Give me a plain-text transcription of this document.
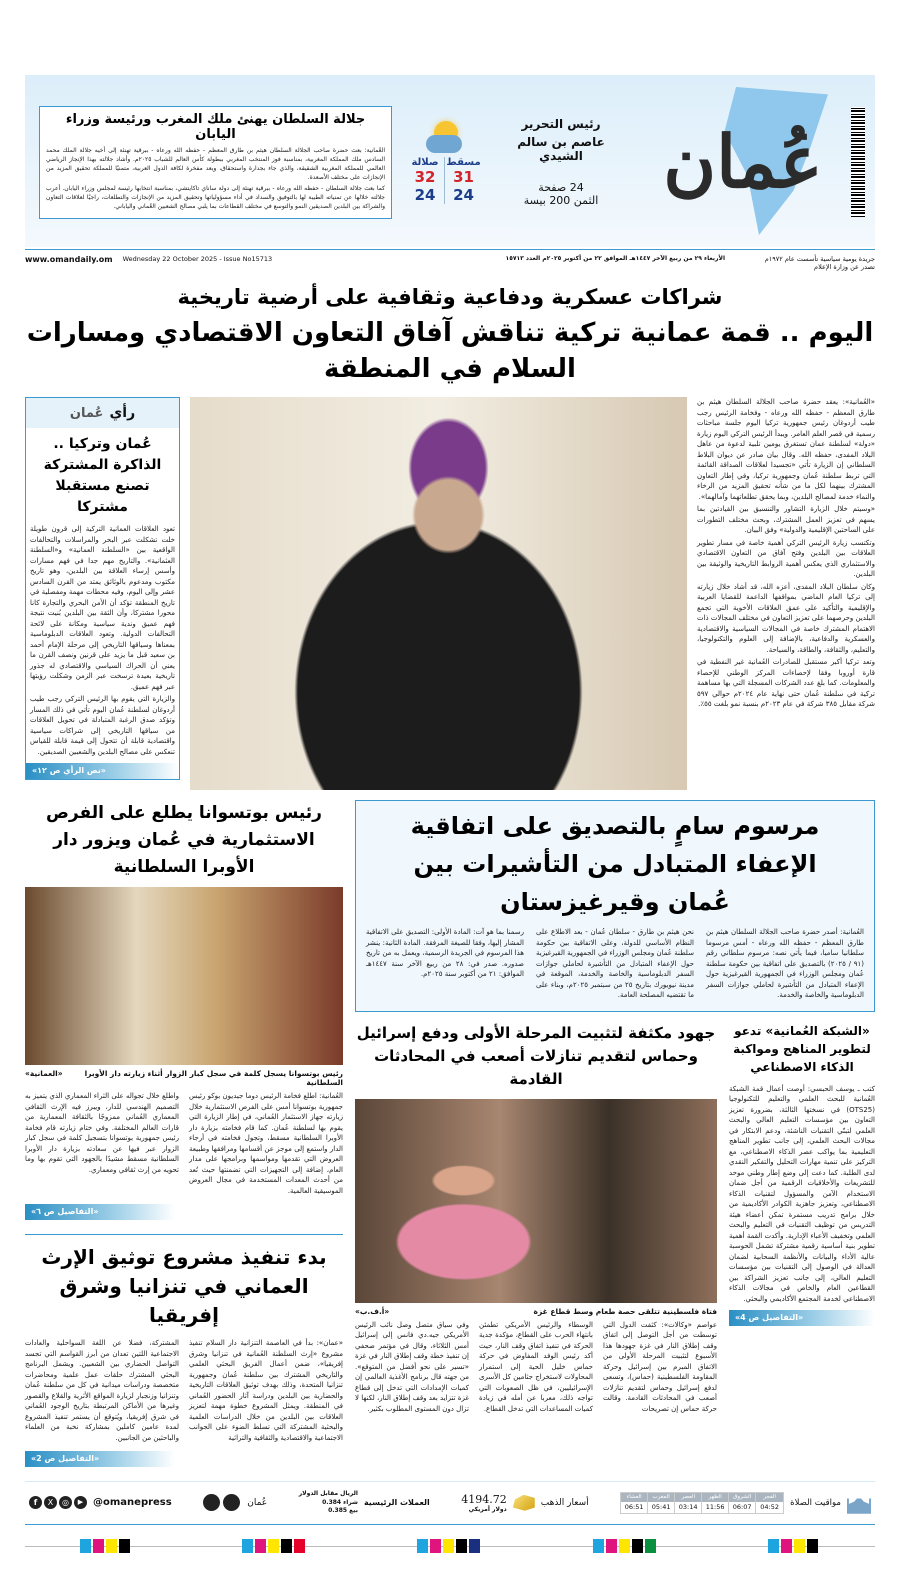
عُمان
رئيس التحرير
عاصم بن سالم الشيدي
24 صفحة
الثمن 200 بيسة
مسقط
31
24
صلالة
32
24
جلالة السلطان يهنئ ملك المغرب ورئيسة وزراء اليابان
العُمانية: بعث حضرة صاحب الجلالة السلطان هيثم بن طارق المعظم - حفظه الله ورعاه - ببرقية تهنئة إلى أخيه جلالة الملك محمد السادس ملك المملكة المغربية، بمناسبة فوز المنتخب المغربي ببطولة كأس العالم للشباب ٢٠٢٥م. وأشاد جلالته بهذا الإنجاز الرياضي العالمي للمملكة المغربية الشقيقة، والذي جاء بجدارة واستحقاق، ويعد مفخرة لكافة الدول العربية، متمنيًا للمملكة تحقيق المزيد من الإنجازات على مختلف الأصعدة.
كما بعث جلالة السلطان - حفظه الله ورعاه - ببرقية تهنئة إلى دولة ساناي تاكايتشي، بمناسبة انتخابها رئيسة لمجلس وزراء اليابان. أعرب جلالته خلالها عن تمنياته الطيبة لها بالتوفيق والسداد في أداء مسؤولياتها وتحقيق المزيد من الإنجازات والتطلعات، راجيًا لعلاقات التعاون والشراكة بين البلدين الصديقين النمو والتوسع في مختلف القطاعات بما يلبي مصالح الشعبين العُماني والياباني.
www.omandaily.om Wednesday 22 October 2025 - Issue No15713	الأربعاء ٢٩ من ربيع الآخر ١٤٤٧هـ الموافق ٢٢ من أكتوبر ٢٠٢٥م العدد ١٥٧١٣	جريدة يومية سياسية تأسست عام ١٩٧٢م
تصدر عن وزارة الإعلام
شراكات عسكرية ودفاعية وثقافية على أرضية تاريخية
اليوم .. قمة عمانية تركية تناقش آفاق التعاون الاقتصادي ومسارات السلام في المنطقة

«العُمانية»: يعقد حضرة صاحب الجلالة السلطان هيثم بن طارق المعظم - حفظه الله ورعاه - وفخامة الرئيس رجب طيب أردوغان رئيس جمهورية تركيا اليوم جلسة مباحثات رسمية في قصر العلم العامر. ويبدأ الرئيس التركي اليوم زيارة «دولة» لسلطنة عمان تستغرق يومين تلبية لدعوة من عاهل البلاد المفدى، حفظه الله. وقال بيان صادر عن ديوان البلاط السلطاني إن الزيارة تأتي «تجسيدا لعلاقات الصداقة القائمة التي تربط سلطنة عُمان وجمهورية تركيا، وفي إطار التعاون المشترك بينهما لكل ما من شأنه تحقيق المزيد من الرخاء والنماء خدمة لمصالح البلدين، وبما يحقق تطلعاتهما وآمالهما».

«وسيتم خلال الزيارة التشاور والتنسيق بين القيادتين بما يسهم في تعزيز العمل المشترك، وبحث مختلف التطورات على الساحتين الإقليمية والدولية» وفق البيان.

وتكتسب زيارة الرئيس التركي أهمية خاصة في مسار تطوير العلاقات بين البلدين وفتح آفاق من التعاون الاقتصادي والاستثماري الذي يعكس أهمية الروابط التاريخية والوثيقة بين البلدين.

وكان سلطان البلاد المفدى، أعزه الله، قد أشاد خلال زيارته إلى تركيا العام الماضي بمواقفها الداعمة للقضايا العربية والإقليمية والتأكيد على عمق العلاقات الأخوية التي تجمع البلدين وحرصهما على تعزيز التعاون في مختلف المجالات ذات الاهتمام المشترك خاصة في المجالات السياسية والاقتصادية والعسكرية والدفاعية، بالإضافة إلى العلوم والتكنولوجيا، والتعليم، والثقافة، والطاقة، والسياحة.

وتعد تركيا أكبر مستقبل للصادرات العُمانية غير النفطية في قارة أوروبا وفقا لإحصاءات المركز الوطني للإحصاء والمعلومات. كما بلغ عدد الشركات المسجلة التي بها مساهمة تركية في سلطنة عُمان حتى نهاية عام ٢٠٢٤م حوالي ٥٩٧ شركة مقابل ٣٨٥ شركة في عام ٢٠٢٣م بنسبة نمو بلغت ٥٥٪.

رأي
عُمان
عُمان وتركيا .. الذاكرة المشتركة تصنع مستقبلا مشتركا

تعود العلاقات العمانية التركية إلى قرون طويلة خلت تشكلت عبر البحر والمراسلات والتحالفات الواقعية بين «السلطنة العمانية» و«السلطنة العثمانية». والتاريخ مهم جدا في فهم مسارات وأسس إرساء العلاقة بين البلدين، وهو تاريخ مكتوب ومدعوم بالوثائق يمتد من القرن السادس عشر وإلى اليوم، وفيه محطات مهمة ومفصلية في تاريخ المنطقة تؤكد أن الأمن البحري والتجارة كانا محورا مشتركا، وأن الثقة بين البلدين بُنيت نتيجة فهم عميق وندية سياسية ومكانة على لائحة التحالفات الدولية. وتعود العلاقات الدبلوماسية بمعناها وسياقها التاريخي إلى مرحلة الإمام أحمد بن سعيد قبل ما يزيد على قرنين ونصف القرن ما يعني أن الحراك السياسي والاقتصادي له جذور تاريخية بعيدة ترسخت عبر الزمن وشكلت رؤيتها عبر فهم عميق.

والزيارة التي يقوم بها الرئيس التركي رجب طيب أردوغان لسلطنة عُمان اليوم تأتي في ذلك المسار وتؤكد صدق الرغبة المتبادلة في تحويل العلاقات من سياقها التاريخي إلى شراكات سياسية واقتصادية قابلة أن تتحول إلى قيمة قابلة للقياس تنعكس على مصالح البلدين والشعبين الصديقين.

«نص الرأي ص ١٢»
مرسوم سامٍ بالتصديق على اتفاقية الإعفاء المتبادل من التأشيرات بين عُمان وقيرغيزستان
العُمانية: أصدر حضرة صاحب الجلالة السلطان هيثم بن طارق المعظم - حفظه الله ورعاه - أمس مرسوما سلطانيا ساميا، فيما يأتي نصه: مرسوم سلطاني رقم (٩١ / ٢٠٢٥) بالتصديق على اتفاقية بين حكومة سلطنة عُمان ومجلس الوزراء في الجمهورية القيرغيزية حول الإعفاء المتبادل من التأشيرة لحاملي جوازات السفر الدبلوماسية والخاصة والخدمة.
نحن هيثم بن طارق - سلطان عُمان - بعد الاطلاع على النظام الأساسي للدولة، وعلى الاتفاقية بين حكومة سلطنة عُمان ومجلس الوزراء في الجمهورية القيرغيزية حول الإعفاء المتبادل من التأشيرة لحاملي جوازات السفر الدبلوماسية والخاصة والخدمة، الموقعة في مدينة نيويورك بتاريخ ٢٥ من سبتمبر ٢٠٢٥م، وبناء على ما تقتضيه المصلحة العامة.
رسمنا بما هو آت: المادة الأولى: التصديق على الاتفاقية المشار إليها، وفقا للصيغة المرفقة. المادة الثانية: ينشر هذا المرسوم في الجريدة الرسمية، ويعمل به من تاريخ صدوره. صدر في: ٢٨ من ربيع الآخر سنة ١٤٤٧هـ الموافق: ٢١ من أكتوبر سنة ٢٠٢٥م.
«الشبكة العُمانية» تدعو لتطوير المناهج ومواكبة الذكاء الاصطناعي
كتب ـ يوسف الحبسي: أوصت أعمال قمة الشبكة العُمانية للبحث العلمي والتعليم للتكنولوجيا (OTS25) في نسختها الثالثة، بضرورة تعزيز التعاون بين مؤسسات التعليم العالي والبحث العلمي لتبنّي التقنيات الناشئة، ودعم الابتكار في مجالات البحث العلمي، إلى جانب تطوير المناهج التعليمية بما يواكب عصر الذكاء الاصطناعي، مع التركيز على تنمية مهارات التحليل والتفكير النقدي لدى الطلبة. كما دعت إلى وضع إطار وطني موحد للتشريعات والأخلاقيات الرقمية من أجل ضمان الاستخدام الآمن والمسؤول لتقنيات الذكاء الاصطناعي، وتعزيز جاهزية الكوادر الأكاديمية من خلال برامج تدريب مستمرة تمكن أعضاء هيئة التدريس من توظيف التقنيات في التعليم والبحث العلمي وتخفيف الأعباء الإدارية. وأكدت القمة أهمية تطوير بنية أساسية رقمية مشتركة تشمل الحوسبة عالية الأداء والبيانات والأنظمة السحابية لضمان العدالة في الوصول إلى التقنيات بين مؤسسات التعليم العالي، إلى جانب تعزيز الشراكة بين القطاعين العام والخاص في مجالات الذكاء الاصطناعي لخدمة المجتمع الأكاديمي والبحثي.
«التفاصيل ص 4»
جهود مكثفة لتثبيت المرحلة الأولى ودفع إسرائيل وحماس لتقديم تنازلات أصعب في المحادثات القادمة
فتاة فلسطينية تتلقى حصة طعام وسط قطاع غزة
«أ.ف.ب»
عواصم «وكالات»: كثفت الدول التي توسطت من أجل التوصل إلى اتفاق وقف إطلاق النار في غزة جهودها هذا الأسبوع لتثبيت المرحلة الأولى من الاتفاق المبرم بين إسرائيل وحركة المقاومة الفلسطينية (حماس)، وتسعى لدفع إسرائيل وحماس لتقديم تنازلات أصعب في المحادثات القادمة. وقالت حركة حماس إن تصريحات
الوسطاء والرئيس الأمريكي تطمئن بانتهاء الحرب على القطاع، مؤكدة جدية الحركة في تنفيذ اتفاق وقف النار، حيث أكد رئيس الوفد المفاوض في حركة حماس خليل الحية إلى استمرار المحاولات لاستخراج جثامين كل الأسرى الإسرائيليين، في ظل الصعوبات التي تواجه ذلك، معربا عن أمله في زيادة كميات المساعدات التي تدخل القطاع.
وفي سياق متصل وصل نائب الرئيس الأمريكي جيه.دي فانس إلى إسرائيل أمس الثلاثاء، وقال في مؤتمر صحفي إن تنفيذ خطة وقف إطلاق النار في غزة «تسير على نحو أفضل من المتوقع». من جهته قال برنامج الأغذية العالمي إن كميات الإمدادات التي تدخل إلى قطاع غزة تتزايد بعد وقف إطلاق النار، لكنها لا تزال دون المستوى المطلوب بكثير.
رئيس بوتسوانا يطلع على الفرص الاستثمارية في عُمان ويزور دار الأوبرا السلطانية
رئيس بوتسوانا يسجل كلمة في سجل كبار الزوار أثناء زيارته دار الأوبرا السلطانية
«العمانية»
العُمانية: اطلع فخامة الرئيس دوما جيديون بوكو رئيس جمهورية بوتسوانا أمس على الفرص الاستثمارية خلال زيارته جهاز الاستثمار العُماني، في إطار الزيارة التي يقوم بها لسلطنة عُمان. كما قام فخامته بزيارة دار الأوبرا السلطانية مسقط، وتجول فخامته في أرجاء الدار واستمع إلى موجز عن أقسامها ومرافقها وطبيعة العروض التي تقدمها ومواسمها وبرامجها على مدار العام، إضافة إلى التجهيزات التي تضمنتها حيث تُعد من أحدث المعدات المستخدمة في مجال العروض الموسيقية العالمية.
واطلع خلال تجواله على الثراء المعماري الذي يتميز به التصميم الهندسي للدار، ويبرز فيه الإرث الثقافي المعماري العُماني ممزوجًا بالثقافة المعمارية من قارات العالم المختلفة. وفي ختام زيارته قام فخامة رئيس جمهورية بوتسوانا بتسجيل كلمة في سجل كبار الزوار عبر فيها عن سعادته بزيارة دار الأوبرا السلطانية مسقط مشيدًا بالجهود التي تقوم بها وما تحويه من إرث ثقافي ومعماري.
«التفاصيل ص ٦»
بدء تنفيذ مشروع توثيق الإرث العماني في تنزانيا وشرق إفريقيا
«عمان»: بدأ في العاصمة التنزانية دار السلام تنفيذ مشروع «إرث السلطنة العُمانية في تنزانيا وشرق إفريقيا»، ضمن أعمال الفريق البحثي العلمي والتاريخي المشترك بين سلطنة عُمان وجمهورية تنزانيا المتحدة، وذلك بهدف توثيق العلاقات التاريخية والحضارية بين البلدين ودراسة آثار الحضور العُماني في المنطقة. ويمثل المشروع خطوة مهمة لتعزيز العلاقات بين البلدين من خلال الدراسات العلمية والبحثية المشتركة التي تسلط الضوء على الجوانب الاجتماعية والاقتصادية والثقافية والتراثية
المشتركة، فضلا عن اللغة السواحلية والعادات الاجتماعية اللتين تعدان من أبرز القواسم التي تجسد التواصل الحضاري بين الشعبين. ويشمل البرنامج البحثي المشترك حلقات عمل علمية ومحاضرات متخصصة ودراسات ميدانية في كل من سلطنة عُمان وتنزانيا وزنجبار لزيارة المواقع الأثرية والقلاع والقصور وغيرها من الأماكن المرتبطة بتاريخ الوجود العُماني في شرق إفريقيا، ويُتوقع أن يستمر تنفيذ المشروع لمدة عامين كاملين بمشاركة نخبة من العلماء والباحثين من الجانبين.
«التفاصيل ص 2»
f	X	◎	▶ @omanepress	عُمان	العملات الرئيسية
الريال مقابل الدولار
شراء 0.384
بيع 0.385
أسعار الذهب
4194.72
دولار أمريكي
مواقيت الصلاة
الفجر
04:52
الشروق
06:07
الظهر
11:56
العصر
03:14
المغرب
05:41
العشاء
06:51
